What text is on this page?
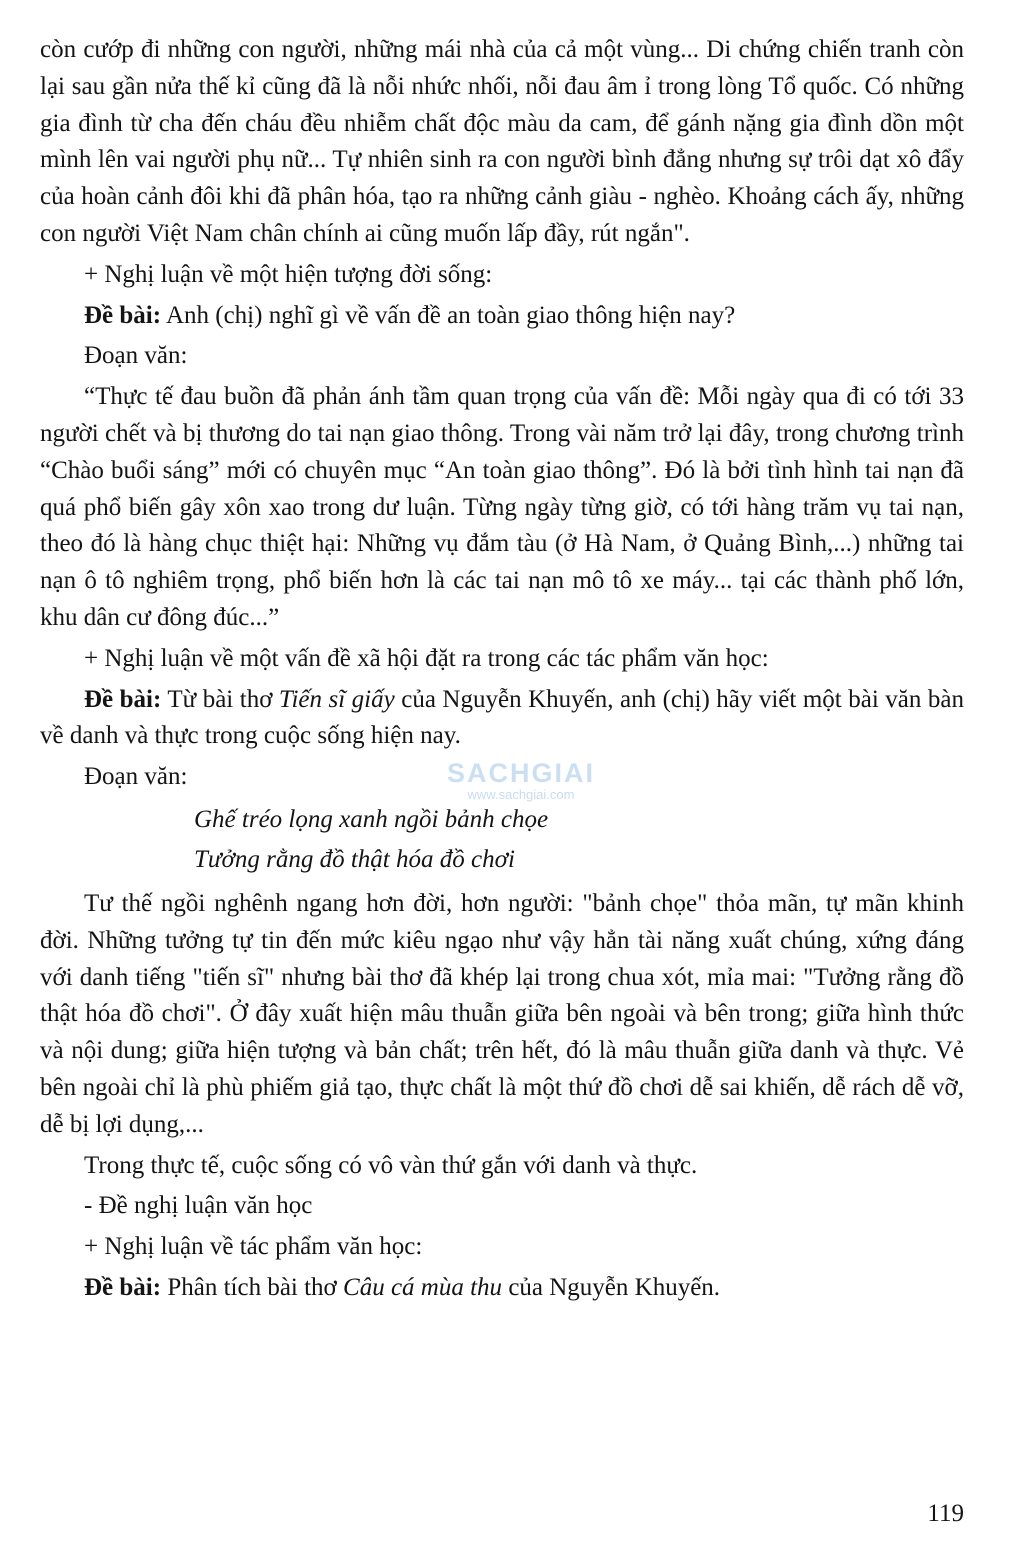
còn cướp đi những con người, những mái nhà của cả một vùng... Di chứng chiến tranh còn lại sau gần nửa thế kỉ cũng đã là nỗi nhức nhối, nỗi đau âm ỉ trong lòng Tổ quốc. Có những gia đình từ cha đến cháu đều nhiễm chất độc màu da cam, để gánh nặng gia đình dồn một mình lên vai người phụ nữ... Tự nhiên sinh ra con người bình đẳng nhưng sự trôi dạt xô đẩy của hoàn cảnh đôi khi đã phân hóa, tạo ra những cảnh giàu - nghèo. Khoảng cách ấy, những con người Việt Nam chân chính ai cũng muốn lấp đầy, rút ngắn".

+ Nghị luận về một hiện tượng đời sống:

Đề bài: Anh (chị) nghĩ gì về vấn đề an toàn giao thông hiện nay?

Đoạn văn:

“Thực tế đau buồn đã phản ánh tầm quan trọng của vấn đề: Mỗi ngày qua đi có tới 33 người chết và bị thương do tai nạn giao thông. Trong vài năm trở lại đây, trong chương trình “Chào buổi sáng” mới có chuyên mục “An toàn giao thông”. Đó là bởi tình hình tai nạn đã quá phổ biến gây xôn xao trong dư luận. Từng ngày từng giờ, có tới hàng trăm vụ tai nạn, theo đó là hàng chục thiệt hại: Những vụ đắm tàu (ở Hà Nam, ở Quảng Bình,...) những tai nạn ô tô nghiêm trọng, phổ biến hơn là các tai nạn mô tô xe máy... tại các thành phố lớn, khu dân cư đông đúc...”

+ Nghị luận về một vấn đề xã hội đặt ra trong các tác phẩm văn học:

Đề bài: Từ bài thơ Tiến sĩ giấy của Nguyễn Khuyến, anh (chị) hãy viết một bài văn bàn về danh và thực trong cuộc sống hiện nay.

Đoạn văn:

Ghế tréo lọng xanh ngồi bảnh chọe

Tưởng rằng đồ thật hóa đồ chơi

Tư thế ngồi nghênh ngang hơn đời, hơn người: "bảnh chọe" thỏa mãn, tự mãn khinh đời. Những tưởng tự tin đến mức kiêu ngạo như vậy hẳn tài năng xuất chúng, xứng đáng với danh tiếng "tiến sĩ" nhưng bài thơ đã khép lại trong chua xót, mỉa mai: "Tưởng rằng đồ thật hóa đồ chơi". Ở đây xuất hiện mâu thuẫn giữa bên ngoài và bên trong; giữa hình thức và nội dung; giữa hiện tượng và bản chất; trên hết, đó là mâu thuẫn giữa danh và thực. Vẻ bên ngoài chỉ là phù phiếm giả tạo, thực chất là một thứ đồ chơi dễ sai khiến, dễ rách dễ vỡ, dễ bị lợi dụng,...

Trong thực tế, cuộc sống có vô vàn thứ gắn với danh và thực.

- Đề nghị luận văn học

+ Nghị luận về tác phẩm văn học:

Đề bài: Phân tích bài thơ Câu cá mùa thu của Nguyễn Khuyến.

SACHGIAI
www.sachgiai.com
119
